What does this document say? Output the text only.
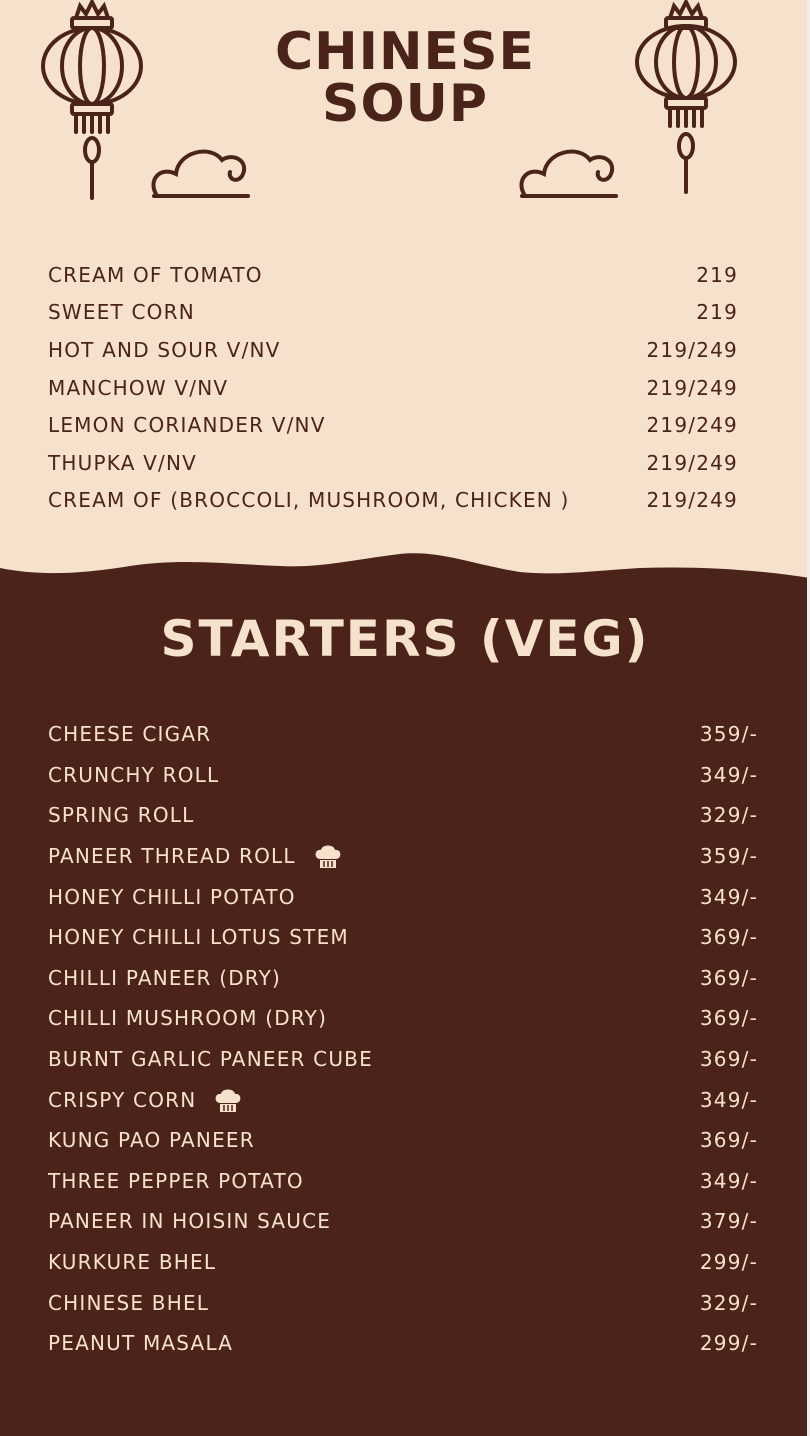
CHINESE
SOUP
CREAM OF TOMATO	219
SWEET CORN	219
HOT AND SOUR V/NV	219/249
MANCHOW V/NV	219/249
LEMON CORIANDER V/NV	219/249
THUPKA V/NV	219/249
CREAM OF (BROCCOLI, MUSHROOM, CHICKEN )	219/249
STARTERS (VEG)
CHEESE CIGAR	359/-
CRUNCHY ROLL	349/-
SPRING ROLL	329/-
PANEER THREAD ROLL	359/-
HONEY CHILLI POTATO	349/-
HONEY CHILLI LOTUS STEM	369/-
CHILLI PANEER (DRY)	369/-
CHILLI MUSHROOM (DRY)	369/-
BURNT GARLIC PANEER CUBE	369/-
CRISPY CORN	349/-
KUNG PAO PANEER	369/-
THREE PEPPER POTATO	349/-
PANEER IN HOISIN SAUCE	379/-
KURKURE BHEL	299/-
CHINESE BHEL	329/-
PEANUT MASALA	299/-
